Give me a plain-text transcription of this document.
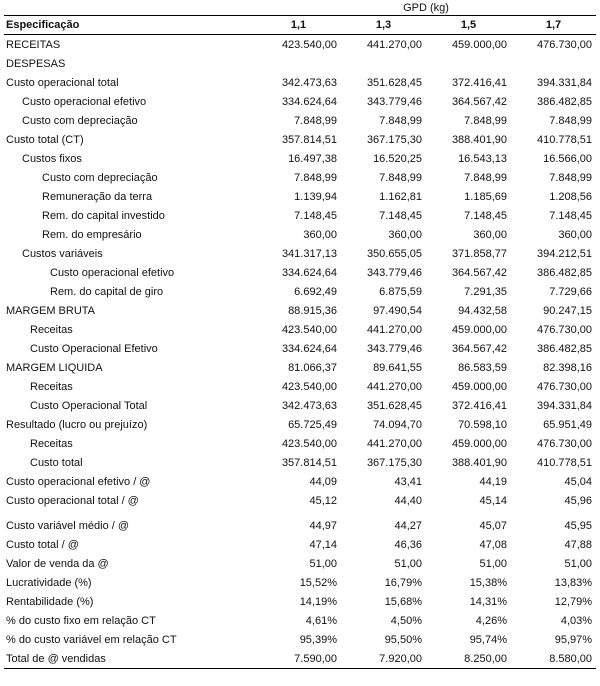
	GPD (kg)			
Especificação	1,1	1,3	1,5	1,7
RECEITAS	423.540,00	441.270,00	459.000,00	476.730,00
DESPESAS				
Custo operacional total	342.473,63	351.628,45	372.416,41	394.331,84
Custo operacional efetivo	334.624,64	343.779,46	364.567,42	386.482,85
Custo com depreciação	7.848,99	7.848,99	7.848,99	7.848,99
Custo total (CT)	357.814,51	367.175,30	388.401,90	410.778,51
Custos fixos	16.497,38	16.520,25	16.543,13	16.566,00
Custo com depreciação	7.848,99	7.848,99	7.848,99	7.848,99
Remuneração da terra	1.139,94	1.162,81	1.185,69	1.208,56
Rem. do capital investido	7.148,45	7.148,45	7.148,45	7.148,45
Rem. do empresário	360,00	360,00	360,00	360,00
Custos variáveis	341.317,13	350.655,05	371.858,77	394.212,51
Custo operacional efetivo	334.624,64	343.779,46	364.567,42	386.482,85
Rem. do capital de giro	6.692,49	6.875,59	7.291,35	7.729,66
MARGEM BRUTA	88.915,36	97.490,54	94.432,58	90.247,15
Receitas	423.540,00	441.270,00	459.000,00	476.730,00
Custo Operacional Efetivo	334.624,64	343.779,46	364.567,42	386.482,85
MARGEM LIQUIDA	81.066,37	89.641,55	86.583,59	82.398,16
Receitas	423.540,00	441.270,00	459.000,00	476.730,00
Custo Operacional Total	342.473,63	351.628,45	372.416,41	394.331,84
Resultado (lucro ou prejuízo)	65.725,49	74.094,70	70.598,10	65.951,49
Receitas	423.540,00	441.270,00	459.000,00	476.730,00
Custo total	357.814,51	367.175,30	388.401,90	410.778,51
Custo operacional efetivo / @	44,09	43,41	44,19	45,04
Custo operacional total / @	45,12	44,40	45,14	45,96

Custo variável médio / @	44,97	44,27	45,07	45,95
Custo total / @	47,14	46,36	47,08	47,88
Valor de venda da @	51,00	51,00	51,00	51,00
Lucratividade (%)	15,52%	16,79%	15,38%	13,83%
Rentabilidade (%)	14,19%	15,68%	14,31%	12,79%
% do custo fixo em relação CT	4,61%	4,50%	4,26%	4,03%
% do custo variável em relação CT	95,39%	95,50%	95,74%	95,97%
Total de @ vendidas	7.590,00	7.920,00	8.250,00	8.580,00
